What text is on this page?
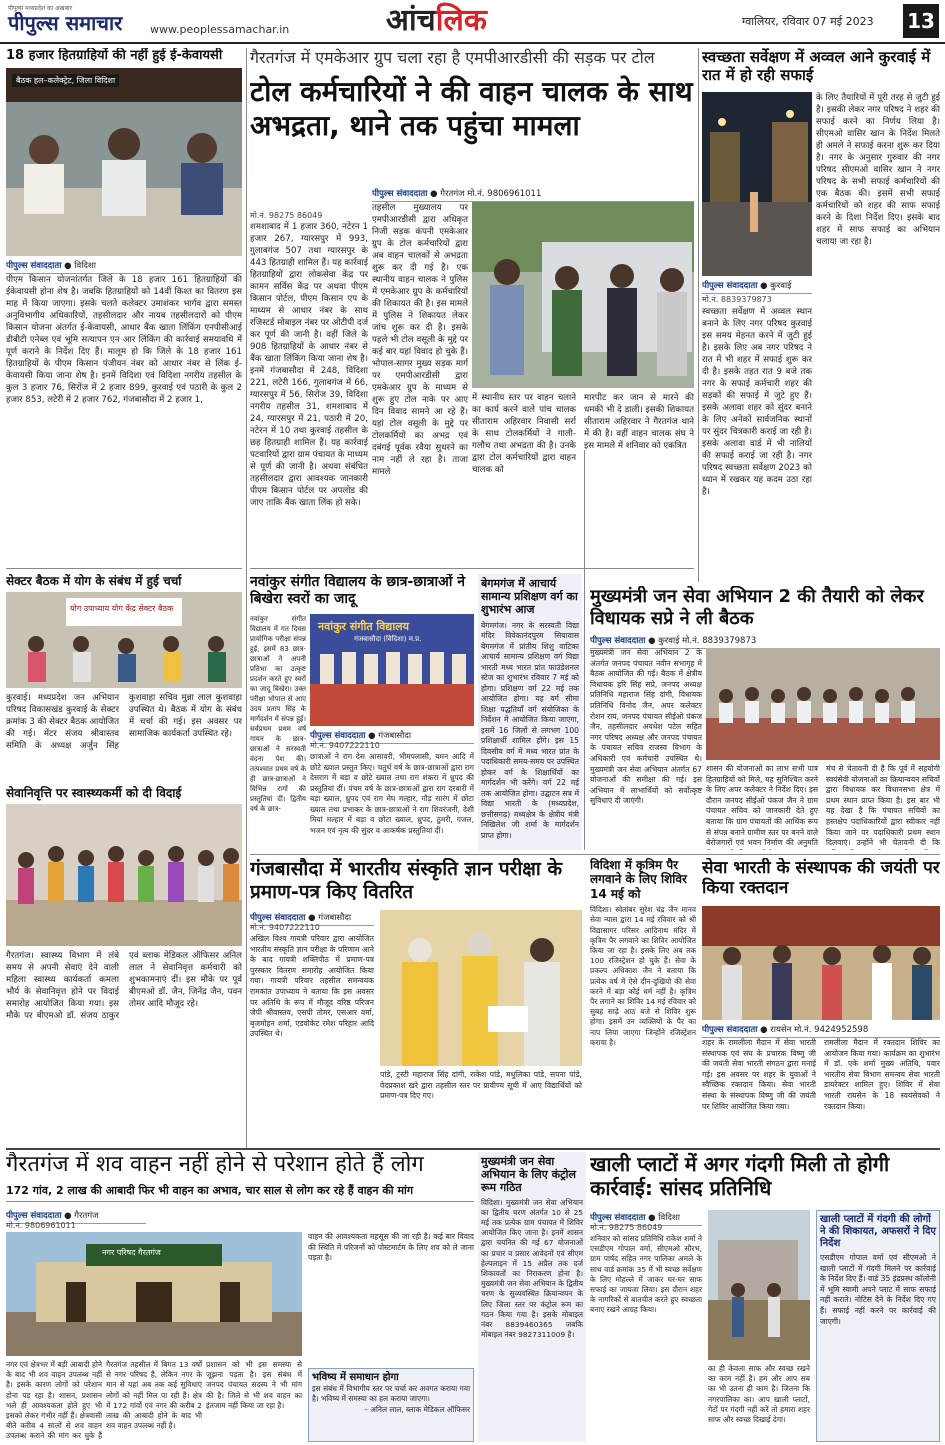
पीपुल्स मध्यप्रदेश का अखबार
पीपुल्स समाचार	www.peoplessamachar.in	आंचलिक	ग्वालियर, रविवार 07 मई 2023 13
18 हजार हितग्राहियों की नहीं हुई ई-केवायसी
बैठक हल–कलेक्ट्रेट, जिला विदिशा
पीपुल्स संवाददाता ● विदिशा
पीएम किसान योजनांतर्गत जिले के 18 हजार 161 हितग्राहियों की ईकेवायसी होना शेष है। जबकि हितग्राहियों को 14वीं किश्त का वितरण इस माह में किया जाएगा। इसके चलते कलेक्टर उमाशंकर भार्गव द्वारा समस्त अनुविभागीय अधिकारियों, तहसीलदार और नायब तहसीलदारों को पीएम किसान योजना अंतर्गत ई-केवायसी, आधार बैंक खाता लिंकिंग एनपीसीआई डीबीटी एनेब्ल एवं भूमि सत्यापन एन आर लिंकिंग की कार्रवाई समयावधि में पूर्ण कराने के निर्देश दिए हैं। मालूम हो कि जिले के 18 हजार 161 हितग्राहियों के पीएम किसान पंजीयन नंबर को आधार नंबर से लिंक ई-केवायसी किया जाना शेष है। इनमें विदिशा एवं विदिशा नगरीय तहसील के कुल 3 हजार 76, सिरोंज में 2 हजार 899, कुरवाई एवं पठारी के कुल 2 हजार 853, लटेरी में 2 हजार 762, गंजबासौदा में 2 हजार 1,
मो.नं. 98275 86049
शमशाबाद में 1 हजार 360, नटेरन 1 हजार 267, ग्यारसपुर में 993, गुलाबगंज 507 तथा ग्यारसपुर के 443 हितग्राही शामिल हैं। यह कार्रवाई हितग्राहियों द्वारा लोकसेवा केंद्र पर कामन सर्विस केंद्र पर अथवा पीएम किसान पोर्टल, पीएम किसान एप के माध्यम से आधार नंबर के साथ रजिस्टर्ड मोबाइल नंबर पर ओटीपी दर्ज कर पूर्ण की जानी है। वहीं जिले के 908 हितग्राहियों के आधार नंबर से बैंक खाता लिंकिंग किया जाना शेष है। इनमें गंजबासौदा में 248, विदिशा 221, लटेरी 166, गुलाबगंज में 66, ग्यारसपुर में 56, सिरोंज 39, विदिशा नगरीय तहसील 31, शमशाबाद में 24, ग्यारसपुर में 21, पठारी में 20, नटेरन में 10 तथा कुरवाई तहसील के छह हितग्राही शामिल हैं। यह कार्रवाई पटवारियों द्वारा ग्राम पंचायत के माध्यम से पूर्ण की जानी है। अथवा संबंधित तहसीलदार द्वारा आवश्यक जानकारी पीएम किसान पोर्टल पर अपलोड की जाए ताकि बैंक खाता लिंक हो सके।
गैरतगंज में एमकेआर ग्रुप चला रहा है एमपीआरडीसी की सड़क पर टोल
टोल कर्मचारियों ने की वाहन चालक के साथ अभद्रता, थाने तक पहुंचा मामला
पीपुल्स संवाददाता ● गैरतगंज मो.नं. 9806961011
तहसील मुख्यालय पर एमपीआरडीसी द्वारा अधिकृत निजी सड़क कंपनी एमकेआर ग्रुप के टोल कर्मचारियों द्वारा अब वाहन चालकों से अभद्रता शुरू कर दी गई है। एक स्थानीय वाहन चालक ने पुलिस में एमकेआर ग्रुप के कर्मचारियों की शिकायत की है। इस मामले में पुलिस ने शिकायत लेकर जांच शुरू कर दी है। इसके पहले भी टोल वसूली के मुद्दे पर कई बार यहां विवाद हो चुके हैं। भोपाल-सागर मुख्य सड़क मार्ग पर एमपीआरडीसी द्वारा एमकेआर ग्रुप के माध्यम से शुरू हुए टोल नाके पर आए दिन विवाद सामने आ रहे हैं। यहां टोल वसूली के मुद्दे पर टोलकर्मियों का अभद्र एवं दबंगई पूर्वक रवैया सुधरने का नाम नहीं ले रहा है। ताजा मामले
में स्थानीय स्तर पर वाहन चलाने का कार्य करने वाले पांच चालक सीताराम अहिरवार निवासी सर्रा के साथ टोलकर्मियों ने गाली-गलौच तथा अभद्रता की है। उनके द्वारा टोल कर्मचारियों द्वारा वाहन चालक को
मारपीट कर जान से मारने की धमकी भी दे डाली। इसकी शिकायत सीताराम अहिरवार ने गैरतगंज थाने में की है। वहीं वाहन चालक संघ ने इस मामले में शनिवार को एकत्रित
स्वच्छता सर्वेक्षण में अव्वल आने कुरवाई में रात में हो रही सफाई
के लिए तैयारियों में पूरी तरह से जुटी हुई है। इसकी लेकर नगर परिषद ने शहर की सफाई करने का निर्णय लिया है। सीएमओ वासिर खान के निर्देश मिलते ही अमले ने सफाई करना शुरू कर दिया है। नगर के अनुसार गुरुवार की नगर परिषद सीएमओ वासिर खान ने नगर परिषद के सभी सफाई कर्मचारियों की एक बैठक की। इसमें सभी सफाई कर्मचारियों को शहर की साफ सफाई करने के दिशा निर्देश दिए। इसके बाद शहर में साफ सफाई का अभियान चलाया जा रहा है।
पीपुल्स संवाददाता ● कुरवाई
मो.नं. 8839379873
स्वच्छता सर्वेक्षण में अव्वल स्थान बनाने के लिए नगर परिषद कुरवाई इस समय मेहनत करने में जुटी हुई है। इसके लिए अब नगर परिषद ने रात में भी शहर में सफाई शुरू कर दी है। इसके तहत रात 9 बजे तक नगर के सफाई कर्मचारी शहर की सड़कों की सफाई में जुटे हुए हैं। इसके अलावा शहर को सुंदर बनाने के लिए अनेकों सार्वजनिक स्थानों पर सुंदर चित्रकारी कराई जा रही है। इसके अलावा वार्ड में भी नालियों की सफाई कराई जा रही है। नगर परिषद स्वच्छता सर्वेक्षण 2023 को ध्यान में रखकर यह कदम उठा रहा है।
सेक्टर बैठक में योग के संबंध में हुई चर्चा
योग उपाध्याय योग केंद्र सेक्टर बैठक
कुरवाई। मध्यप्रदेश जन अभियान परिषद विकासखंड कुरवाई के सेक्टर क्रमांक 3 की सेक्टर बैठक आयोजित की गई। मेंटर संजय श्रीवास्तव समिति के अध्यक्ष अर्जुन सिंह कुशवाहा सचिव मुन्ना लाल कुशवाहा उपस्थित थे। बैठक में योग के संबंध में चर्चा की गई। इस अवसर पर सामाजिक कार्यकर्ता उपस्थित रहे।
सेवानिवृत्ति पर स्वास्थ्यकर्मी को दी विदाई
गैरतगंज। स्वास्थ्य विभाग में लंबे समय से अपनी सेवाएं देने वाली महिला स्वास्थ्य कार्यकर्ता कमला भौर्य के सेवानिवृत्त होने पर विदाई समारोह आयोजित किया गया। इस मौके पर बीएमओ डॉ. संजय ठाकुर एवं ब्लाक मेडिकल ऑफिसर अनिल लाल ने सेवानिवृत्त कर्मचारी को शुभकामनाएं दीं। इस मौके पर पूर्व बीएमओ डॉ. जैन, जिनेंद्र जैन, पवन तोमर आदि मौजूद रहे।
नवांकुर संगीत विद्यालय के छात्र-छात्राओं ने बिखेरा स्वरों का जादू
नवांकुर संगीत विद्यालय
गंजबासौदा (विदिशा) म.प्र.
पीपुल्स संवाददाता ● गंजबासौदा
मो.नं. 9407222110
नवांकुर संगीत विद्यालय में गत दिवस प्रायोगिक परीक्षा संपन्न हुई, इसमें 83 छात्र-छात्राओं ने अपनी प्रतिभा का उत्कृष्ट प्रदर्शन करते हुए स्वरों का जादू बिखेरा। उक्त परीक्षा भोपाल से आए उदय प्रताप सिंह के मार्गदर्शन में संपन्न हुई। सर्वप्रथम प्रथम वर्ष गायन के छात्र-छात्राओं ने सरस्वती वंदना पेश की। तत्पश्चात प्रथम वर्ष के ही छात्र-छात्राओं ने विभिन्न रागों की प्रस्तुतियां दीं। द्वितीय वर्ष के छात्र-
छात्राओं ने राग देस आसावरी, भीमपलासी, यमन आदि में छोटे ख्याल प्रस्तुत किए। चतुर्थ वर्ष के छात्र-छात्राओं द्वारा राग देसराग में बड़ा व छोटे ख्याल तथा राग शंकरा में ध्रुपद की प्रस्तुतियां दीं। पंचम वर्ष के छात्र-छात्राओं द्वारा राग दरबारी में बड़ा ख्याल, ध्रुपद एवं राग मेघ मल्हार, गौड़ सारंग में छोटा ख्याल तथा प्रभाकर के छात्र-छात्राओं ने राग शिवरंजनी, देशी मियां मल्हार में बड़ा व छोटा ख्याल, ध्रुपद, ठुमरी, गजल, भजन एवं नृत्य की सुंदर व आकर्षक प्रस्तुतियां दीं।
बेगमगंज में आचार्य सामान्य प्रशिक्षण वर्ग का शुभारंभ आज
बेगमगंज। नगर के सरस्वती विद्या मंदिर विवेकानंदपुरम सियावास बेगमगंज में प्रांतीय शिशु वाटिका आचार्य सामान्य प्रशिक्षण वर्ग विद्या भारती मध्य भारत प्रांत फाउंडेशनल स्टेज का शुभारंभ रविवार 7 मई को होगा। प्रशिक्षण वर्ग 22 मई तक आयोजित होगा। यह वर्ग सीमा शिक्षा पद्धतियाँ वर्ग संयोजिका के निर्देशन में आयोजित किया जाएगा, इसमें 16 जिलों से लगभग 100 प्रशिक्षार्थी शामिल होंगे। इस 15 दिवसीय वर्ग में मध्य भारत प्रांत के पदाधिकारी समय-समय पर उपस्थित होकर वर्ग के शिक्षार्थियों का मार्गदर्शन भी करेंगे। वर्ग 22 मई तक आयोजित होगा। उद्घाटन सत्र में विद्या भारती के (मध्यप्रदेश, छत्तीसगढ़) मध्यक्षेत्र के क्षेत्रीय मंत्री निखिलेश जी शर्मा के मार्गदर्शन प्राप्त होगा।
मुख्यमंत्री जन सेवा अभियान 2 की तैयारी को लेकर विधायक सप्रे ने ली बैठक
पीपुल्स संवाददाता ● कुरवाई मो.नं. 8839379873
मुख्यमंत्री जन सेवा अभियान 2 के अंतर्गत जनपद पंचायत नवीन सभागृह में बैठक आयोजित की गई। बैठक में क्षेत्रीय विधायक हरि सिंह सप्रे, जनपद अध्यक्ष प्रतिनिधि महाराज सिंह दांगी, विधायक प्रतिनिधि विनोद जैन, अपर कलेक्टर रोशन राय, जनपद पंचायत सीईओ पंकज जैन, तहसीलदार अवधेश पटेल सहित नगर परिषद अध्यक्ष और जनपद पंचायत के पंचायत सचिव राजस्व विभाग के अधिकारी एवं कर्मचारी उपस्थित थे। मुख्यमंत्री जन सेवा अभियान अंतर्गत 67 योजनाओं की समीक्षा की गई। इस अभियान में लाभार्थियों को सर्वोत्कृष्ट सुविधाएं दी जाएंगी।
शासन की योजनाओं का लाभ सभी पात्र हितग्राहियों को मिले, यह सुनिश्चित करने के लिए अपर कलेक्टर ने निर्देश दिए। इस दौरान जनपद सीईओ पंकज जैन ने ग्राम पंचायत सचिव को जानकारी देते हुए बताया कि ग्राम पंचायतों की आर्थिक रूप से संपन्न बनाने ग्रामीण स्तर पर बनने वाले बेरोजगारों एवं भवन निर्माण की अनुमति
मंच से चेतावनी दी है कि पूर्व में सहयोगी स्वयंसेवी योजनाओं का क्रियान्वयन सचिवों द्वारा विधायक कर विधानसभा क्षेत्र में प्रथम स्थान प्राप्त किया है। इस बार भी यह देखा है कि पंचायत सचिवों का हस्तक्षेप पदाधिकारियों द्वारा स्वीकार नहीं किया जाने पर पदाधिकारी प्रथम स्थान दिलवाएं। उन्होंने भी चेतावनी दी कि
गंजबासौदा में भारतीय संस्कृति ज्ञान परीक्षा के प्रमाण-पत्र किए वितरित
पीपुल्स संवाददाता ● गंजबासौदा
मो.नं. 9407222110
अखिल विश्व गायत्री परिवार द्वारा आयोजित भारतीय संस्कृति ज्ञान परीक्षा के परिणाम आने के बाद गायत्री शक्तिपीठ में प्रमाण-पत्र पुरस्कार वितरण समारोह आयोजित किया गया। गायत्री परिवार तहसील समन्वयक रामकांत उपाध्याय ने बताया कि इस अवसर पर अतिथि के रूप में मौजूद वरिष्ठ परिजन जेपी श्रीवास्तव, एसपी तोमर, एसआर वर्मा, बृजमोहन शर्मा, एडवोकेट रमेश परिहार आदि उपस्थित थे।
पांडे, ट्रस्टी महाराज सिंह दांगी, राकेश पांडे, मधुलिका पांडे, सपना पांडे, वेदप्रकाश खरे द्वारा तहसील स्तर पर प्रावीण्य सूची में आए विद्यार्थियों को प्रमाण-पत्र दिए गए।
विदिशा में कृत्रिम पैर लगवाने के लिए शिविर 14 मई को
विदिशा। स्वेतांबर सुरेश चंद्र जैन मानव सेवा न्यास द्वारा 14 मई रविवार को श्री विद्यासागर परिसर आदिनाथ मंदिर में कृत्रिम पैर लगवाने का शिविर आयोजित किया जा रहा है। इसके लिए अब तक 100 रजिस्ट्रेशन हो चुके हैं। सेवा के प्रकल्प अधिकाश जैन ने बताया कि प्रत्येक वर्ष में ऐसे दीन-दुखियों की सेवा करने में बड़ा कोई धर्म नहीं है। कृत्रिम पैर लगाने का शिविर 14 मई रविवार को सुबह साढ़े आठ बजे से शिविर शुरू होगा। इसमें उन व्यक्तियों के पैर का नाप लिया जाएगा जिन्होंने रजिस्ट्रेशन कराया है।
सेवा भारती के संस्थापक की जयंती पर किया रक्तदान
पीपुल्स संवाददाता ● रायसेन मो.नं. 9424952598
शहर के रामलीला मैदान में सेवा भारती संस्थापक एवं संघ के प्रचारक विष्णु जी की जयंती सेवा भारती संगठन द्वारा मनाई गई। इस अवसर पर शहर के युवाओं ने स्वैच्छिक रक्तदान किया। सेवा भारती संस्था के संस्थापक विष्णु जी की जयंती पर शिविर आयोजित किया गया।
रामलीला मैदान में रक्तदान शिविर का आयोजन किया गया। कार्यक्रम का शुभारंभ में डॉ. एके शर्मा मुख्य अतिथि, पवार भारतीय सेवा विभाग समन्वय सेवा भारती डायरेक्टर शामिल हुए। शिविर में सेवा भारती रायसेन के 18 स्वयंसेवकों ने रक्तदान किया।
गैरतगंज में शव वाहन नहीं होने से परेशान होते हैं लोग
172 गांव, 2 लाख की आबादी फिर भी वाहन का अभाव, चार साल से लोग कर रहे हैं वाहन की मांग
पीपुल्स संवाददाता ● गैरतगंज
मो.नं. 9806961011
नगर परिषद गैरतगंज
नगर एवं क्षेत्रभर में बड़ी आबादी होने के बाद भी शव वाहन उपलब्ध नहीं है। इसके कारण लोगों को परेशान होना पड़ रहा है। शासन, प्रशासन भले ही आवश्यकता होते हुए भी इसको लेकर गंभीर नहीं हैं। क्षेत्रवासी बीते करीब 4 सालों से शव वाहन उपलब्ध कराने की मांग कर चुके हैं
गैरतगंज तहसील में बिगत 13 वर्षों से नगर परिषद है, लेकिन नगर के मान से यहां अब तक कई सुविधाएं लोगों को नहीं मिल पा रही हैं। क्षेत्र में 172 गांवों एवं नगर की करीब 2 लाख की आबादी होने के बाद भी शव वाहन उपलब्ध नहीं है।
प्रशासन को भी इस समस्या से जूझना पड़ता है। इस संबंध में जनपद पंचायत सदस्य ने भी मांग की है। जिले से भी शव वाहन का इंतजाम नहीं किया जा रहा है।
वाहन की आवश्यकता महसूस की जा रही है। कई बार विवाद की स्थिति में परिजनों को पोस्टमार्टम के लिए शव को ले जाना पड़ता है।
भविष्य में समाधान होगा
इस संबंध में विभागीय स्तर पर चर्चा कर अवगत कराया गया है। भविष्य में समस्या का हल कराया जाएगा।
– अनिल लाल, ब्लाक मेडिकल ऑफिसर
मुख्यमंत्री जन सेवा अभियान के लिए कंट्रोल रूम गठित
विदिशा। मुख्यमंत्री जन सेवा अभियान का द्वितीय चरण अंतर्गत 10 से 25 मई तक प्रत्येक ग्राम पंचायत में शिविर आयोजित किए जाना है। इनमें शासन द्वारा चयनित की गई 67 योजनाओं का प्रचार व प्रसार आवेदनों एवं सीएम हेल्पलाइन में 15 अप्रैल तक दर्ज शिकायतों का निराकरण होना है। मुख्यमंत्री जन सेवा अभियान के द्वितीय चरण के सुव्यवस्थित क्रियान्वयन के लिए जिला स्तर पर कंट्रोल रूम का गठन किया गया है। इसके मोबाइल नंबर 8839460365 जबकि मोबाइल नंबर 9827311009 है।
खाली प्लाटों में अगर गंदगी मिली तो होगी कार्रवाई: सांसद प्रतिनिधि
पीपुल्स संवाददाता ● विदिशा
मो.नं. 98275 86049
शनिवार को सांसद प्रतिनिधि राकेश शर्मा ने एसडीएम गोपाल वर्मा, सीएमओ सौरभ, ग्राम पार्षद सहित नगर पालिका अमले के साथ वार्ड क्रमांक 35 में भी स्वच्छ सर्वेक्षण के लिए मोहल्ले में जाकर घर-घर साफ सफाई का जायजा लिया। इस दौरान शहर के नागरिकों से बातचीत करते हुए स्वच्छता बनाए रखने आग्रह किया।
का ही केवला साफ और स्वच्छ रखने का काम नहीं है। हम और आप सब का भी उतना ही काम है। जितना कि नगरपालिका का। आप खाली प्लाटों, गेटों पर गंदगी नहीं करें तो हमारा शहर साफ और स्वच्छ दिखाई देगा।
खाली प्लाटों में गंदगी की लोगों ने की शिकायत, अफसरों ने दिए निर्देश
एसडीएम गोपाल वर्मा एवं सीएमओ ने खाली प्लाटों में गंदगी मिलने पर कार्रवाई के निर्देश दिए हैं। वार्ड 35 इंद्रप्रस्थ कॉलोनी में भूमि स्वामी अपने प्लाट में साफ सफाई नहीं कराते। नोटिस देने के निर्देश दिए गए हैं। सफाई नहीं करने पर कार्रवाई की जाएगी।
